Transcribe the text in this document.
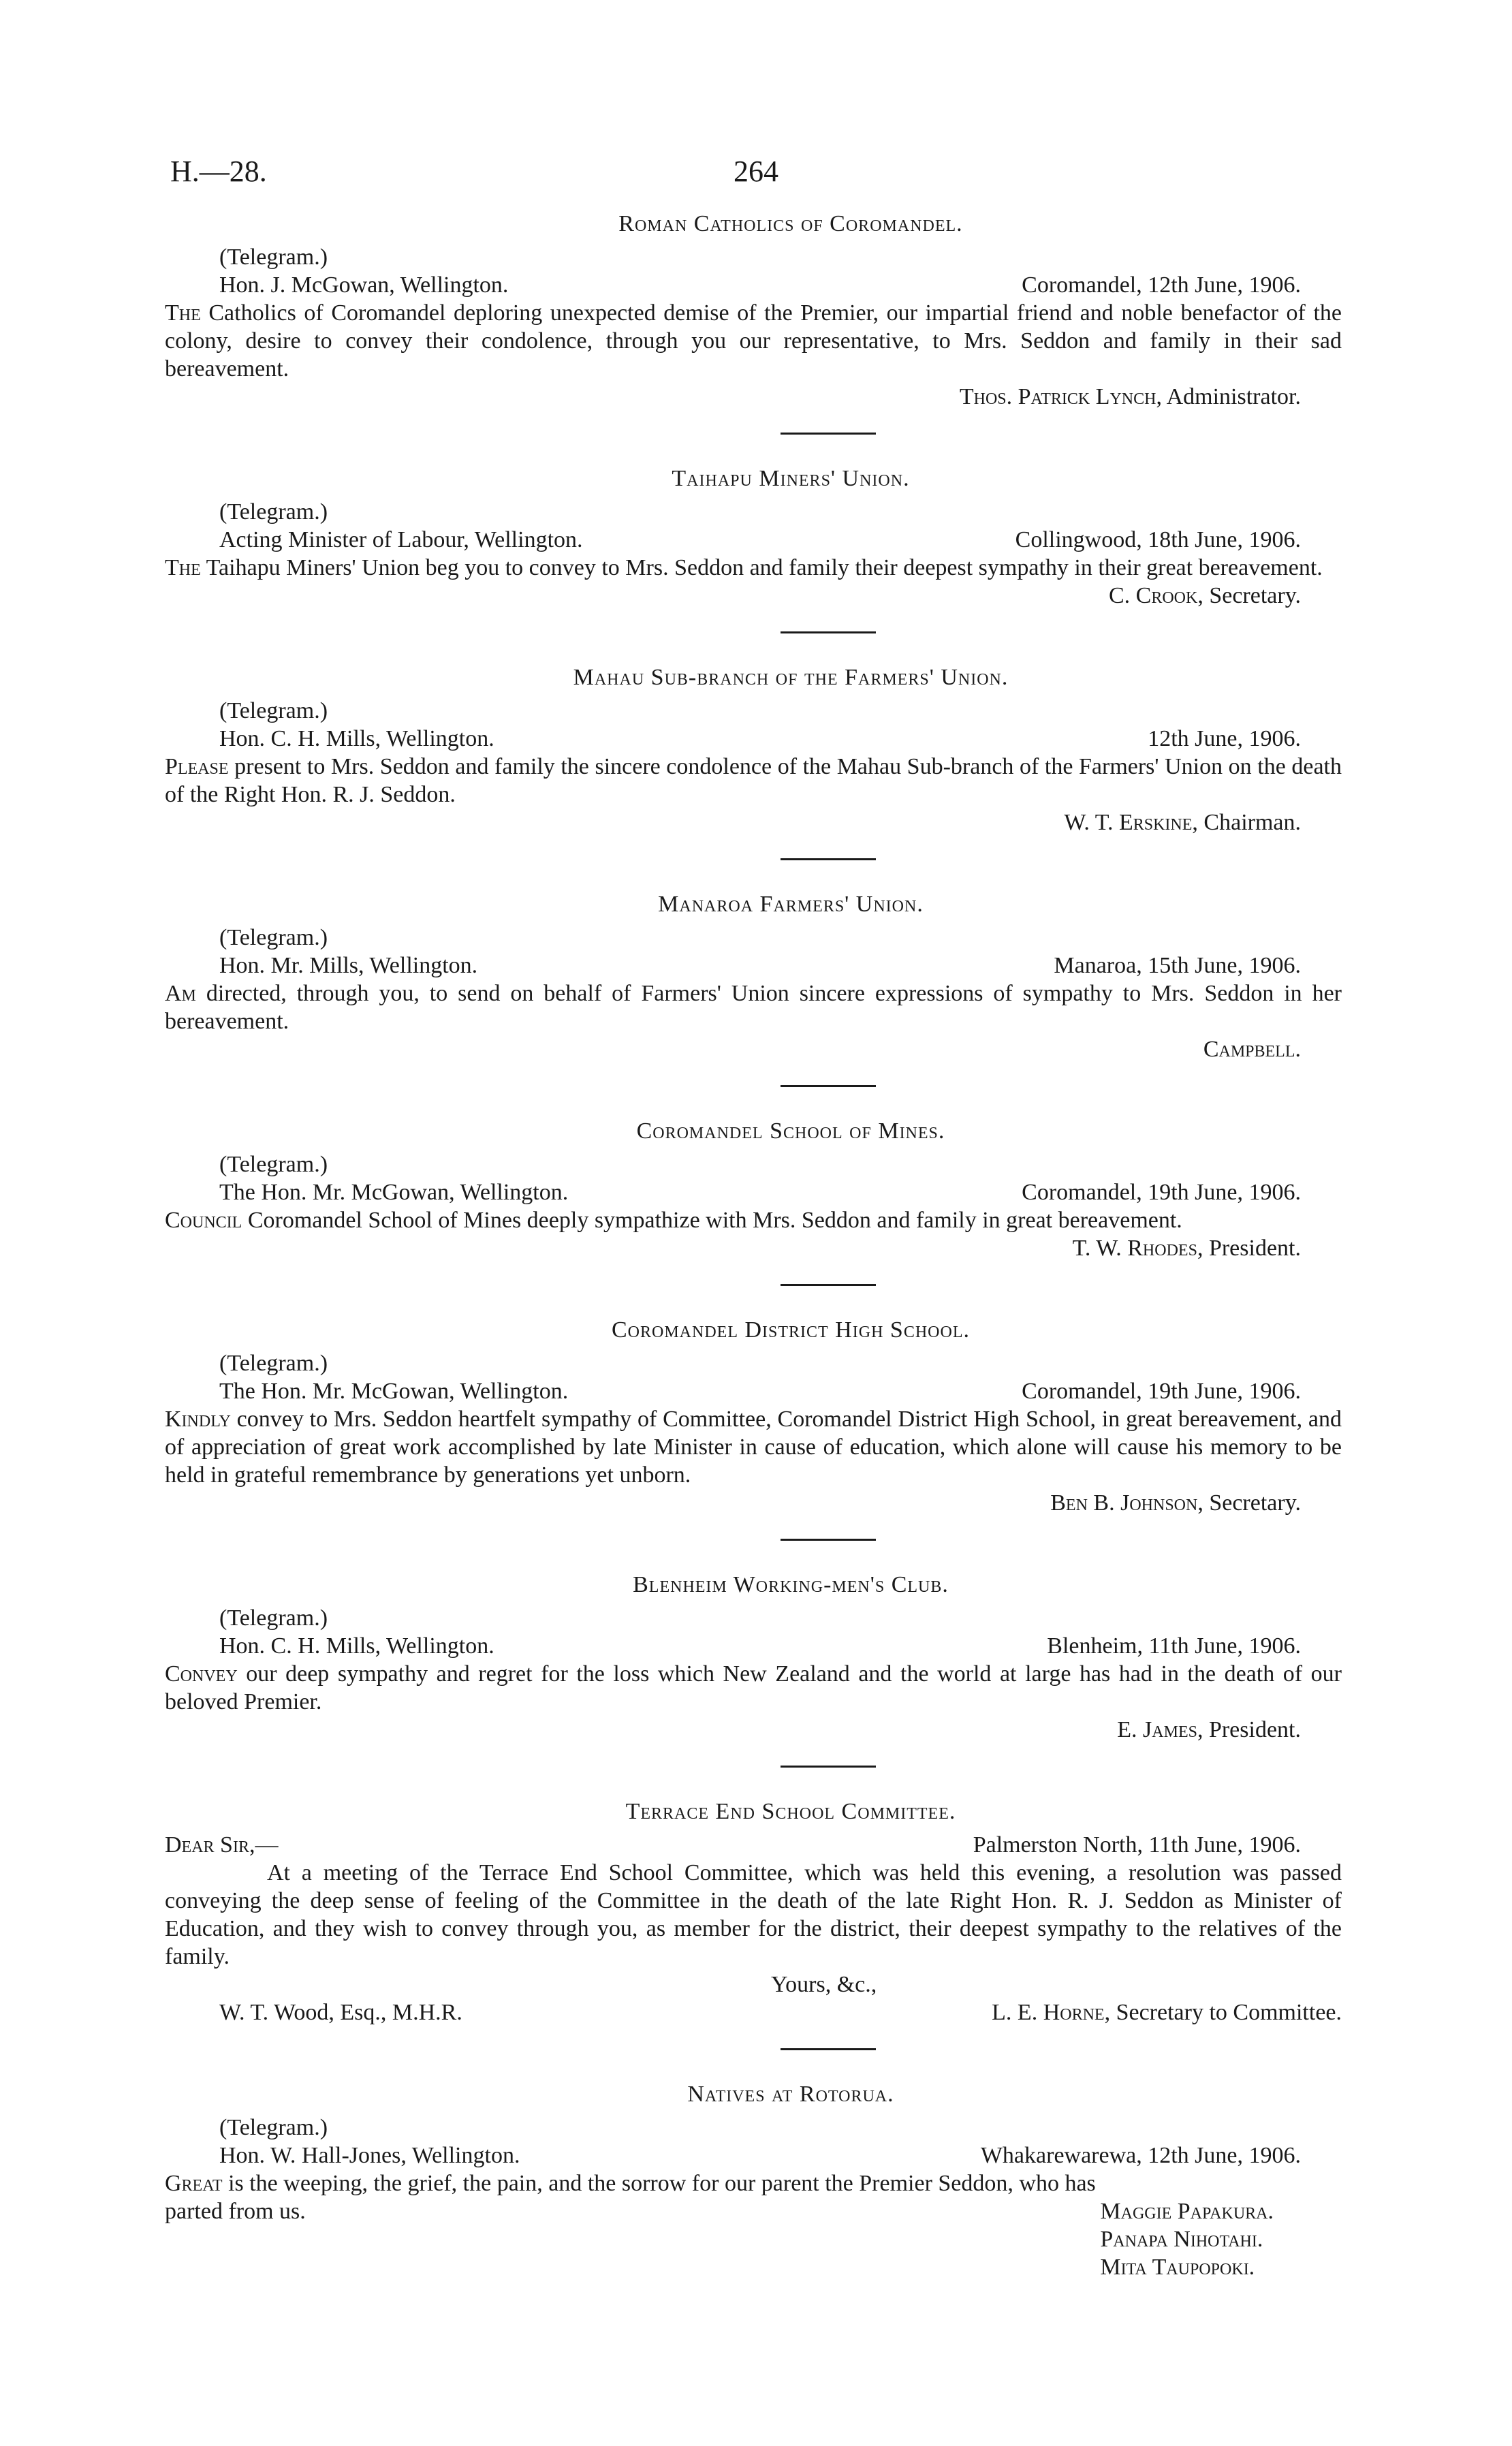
H.—28.	264
Roman Catholics of Coromandel.
(Telegram.)
Hon. J. McGowan, Wellington.	Coromandel, 12th June, 1906.
The Catholics of Coromandel deploring unexpected demise of the Premier, our impartial friend and noble benefactor of the colony, desire to convey their condolence, through you our representative, to Mrs. Seddon and family in their sad bereavement.
Thos. Patrick Lynch, Administrator.
Taihapu Miners' Union.
(Telegram.)
Acting Minister of Labour, Wellington.	Collingwood, 18th June, 1906.
The Taihapu Miners' Union beg you to convey to Mrs. Seddon and family their deepest sympathy in their great bereavement.
C. Crook, Secretary.
Mahau Sub-branch of the Farmers' Union.
(Telegram.)
Hon. C. H. Mills, Wellington.	12th June, 1906.
Please present to Mrs. Seddon and family the sincere condolence of the Mahau Sub-branch of the Farmers' Union on the death of the Right Hon. R. J. Seddon.
W. T. Erskine, Chairman.
Manaroa Farmers' Union.
(Telegram.)
Hon. Mr. Mills, Wellington.	Manaroa, 15th June, 1906.
Am directed, through you, to send on behalf of Farmers' Union sincere expressions of sympathy to Mrs. Seddon in her bereavement.
Campbell.
Coromandel School of Mines.
(Telegram.)
The Hon. Mr. McGowan, Wellington.	Coromandel, 19th June, 1906.
Council Coromandel School of Mines deeply sympathize with Mrs. Seddon and family in great bereavement.
T. W. Rhodes, President.
Coromandel District High School.
(Telegram.)
The Hon. Mr. McGowan, Wellington.	Coromandel, 19th June, 1906.
Kindly convey to Mrs. Seddon heartfelt sympathy of Committee, Coromandel District High School, in great bereavement, and of appreciation of great work accomplished by late Minister in cause of education, which alone will cause his memory to be held in grateful remembrance by generations yet unborn.
Ben B. Johnson, Secretary.
Blenheim Working-men's Club.
(Telegram.)
Hon. C. H. Mills, Wellington.	Blenheim, 11th June, 1906.
Convey our deep sympathy and regret for the loss which New Zealand and the world at large has had in the death of our beloved Premier.
E. James, President.
Terrace End School Committee.
Dear Sir,—	Palmerston North, 11th June, 1906.
At a meeting of the Terrace End School Committee, which was held this evening, a resolution was passed conveying the deep sense of feeling of the Committee in the death of the late Right Hon. R. J. Seddon as Minister of Education, and they wish to convey through you, as member for the district, their deepest sympathy to the relatives of the family.
Yours, &c.,
W. T. Wood, Esq., M.H.R.	L. E. Horne, Secretary to Committee.
Natives at Rotorua.
(Telegram.)
Hon. W. Hall-Jones, Wellington.	Whakarewarewa, 12th June, 1906.
Great is the weeping, the grief, the pain, and the sorrow for our parent the Premier Seddon, who has
parted from us.	Maggie Papakura.
Panapa Nihotahi.
Mita Taupopoki.
